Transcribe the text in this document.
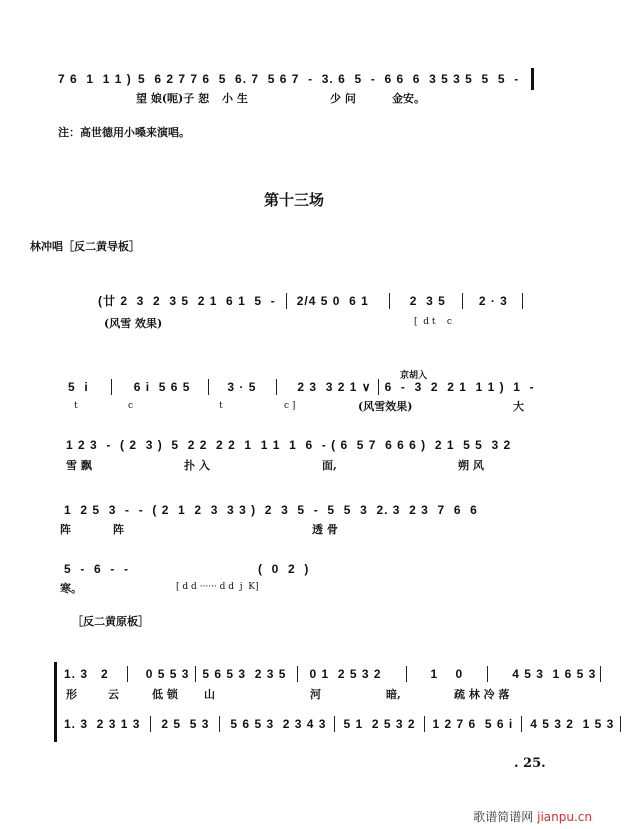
7 6  1  1 1 ) 5  6 2 7 7 6  5  6. 7  5 6 7  -  3. 6  5  -  6 6  6  3 5 3 5  5  5  -
望 娘(呃)子 恕 小 生	少 问	金安。
注：高世德用小嗓来演唱。
第十三场
林冲唱［反二黄导板］
(廿 2  3  2  3 5  2 1  6 1  5  - 2/4 5 0  6 1	2  3 5	2 · 3
(风雪 效果)	[  d t    c
京胡入
5  i	6 i  5 6 5	3 · 5	2 3  3 2 1 ∨ 6  -  3  2  2 1  1 1 )  1  -
t	c	t	c ]	(风雪效果)	大
1 2 3  -  ( 2  3 )  5  2 2  2 2  1  1 1  1  6  - ( 6  5 7  6 6 6 )  2 1  5 5  3 2
雪 飘	扑 入	面,	朔 风
1  2 5  3  -  -  ( 2  1  2  3  3 3 )  2  3  5  -  5  5  3  2. 3  2 3  7  6  6
阵	阵	透 骨
5  -  6  -  -	(  0  2  )
寒。	[ d d ······ d d  j  K]
［反二黄原板］
1. 3   2	0 5 5 3 5 6 5 3  2 3 5 0 1  2 5 3 2	1    0	4 5 3  1 6 5 3
形	云	低 锁 山	河	暗,	疏 林 冷 落
1. 3  2 3 1 3 2 5  5 3 5 6 5 3  2 3 4 3 5 1  2 5 3 2 1 2 7 6  5 6 i 4 5 3 2  1 5 3
. 25.
歌谱简谱网 jianpu.cn
